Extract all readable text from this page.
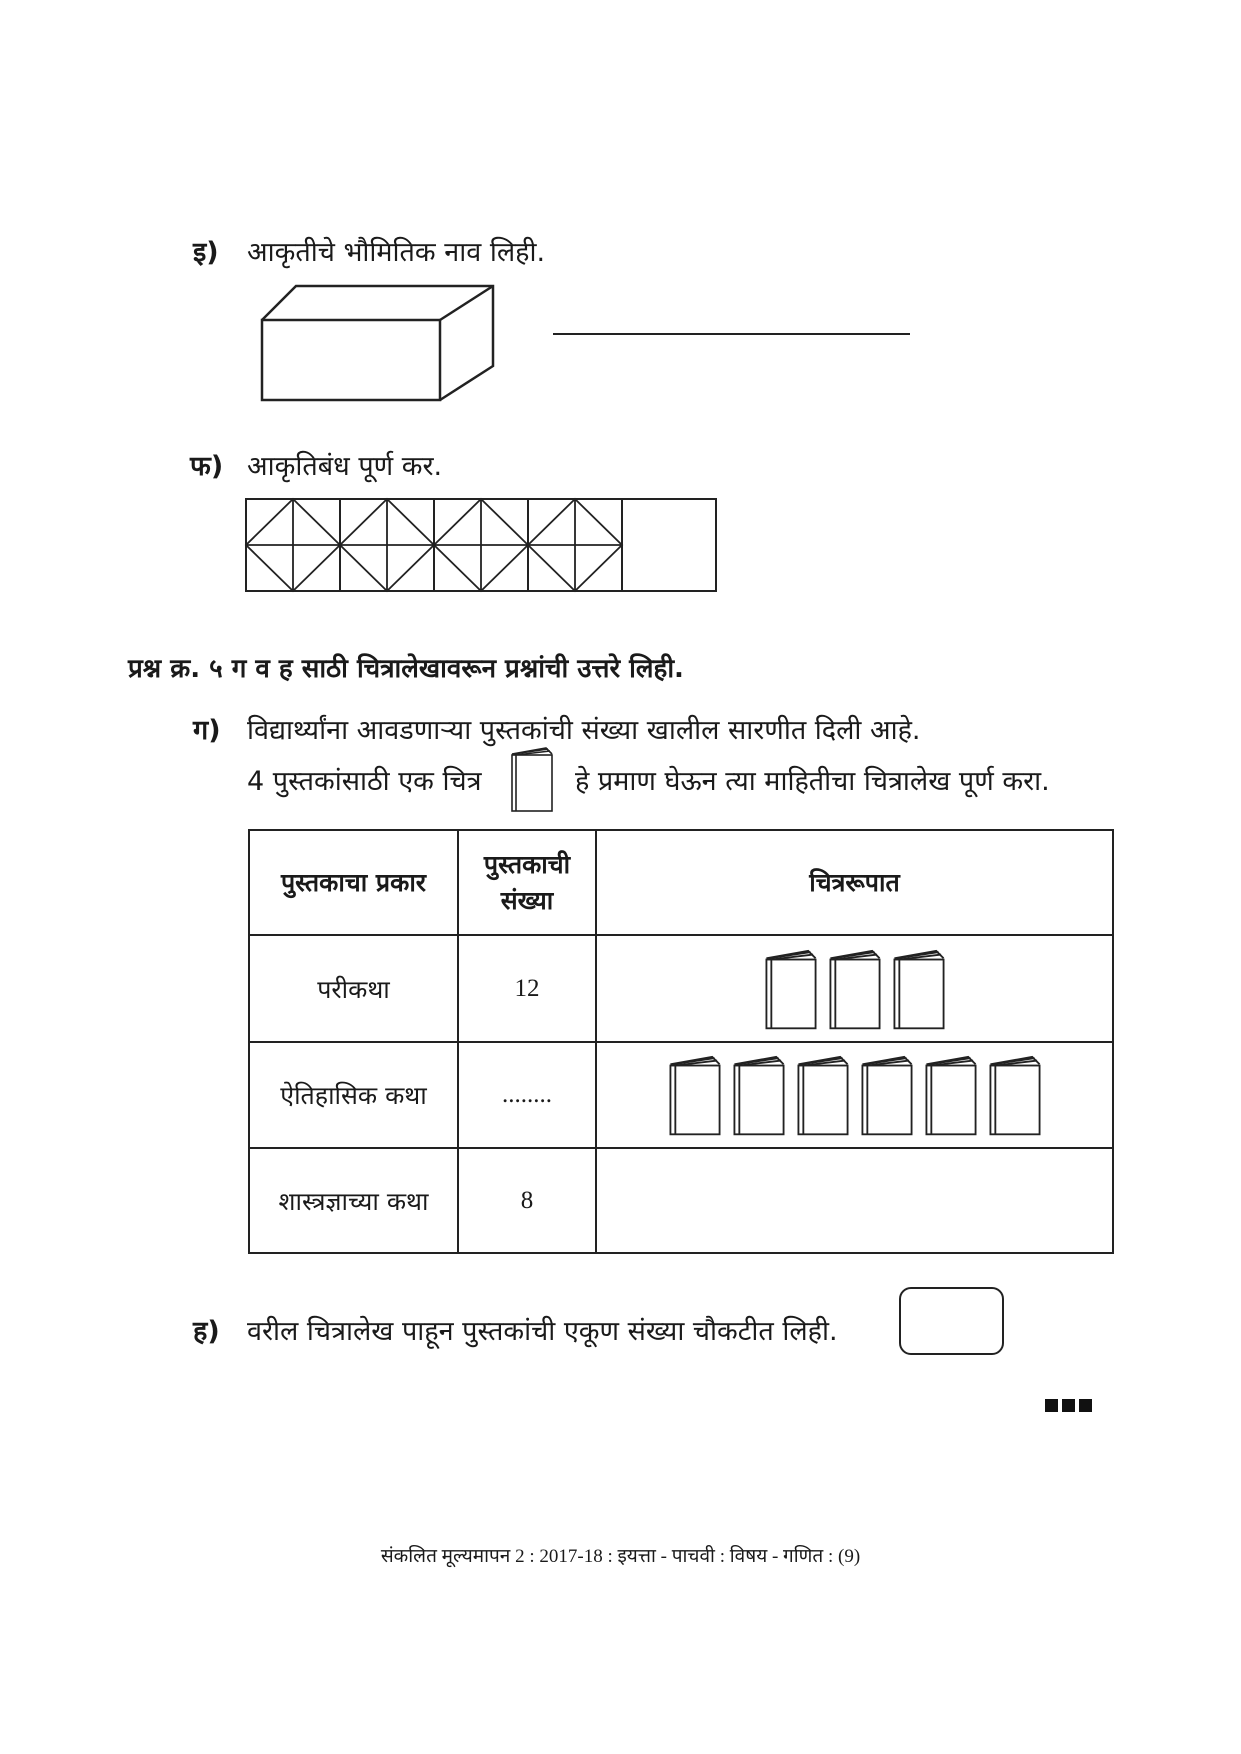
इ) आकृतीचे भौमितिक नाव लिही.
फ) आकृतिबंध पूर्ण कर.
प्रश्न क्र. ५ ग व ह साठी चित्रालेखावरून प्रश्नांची उत्तरे लिही.
ग) विद्यार्थ्यांना आवडणाऱ्या पुस्तकांची संख्या खालील सारणीत दिली आहे.
4 पुस्तकांसाठी एक चित्र	हे प्रमाण घेऊन त्या माहितीचा चित्रालेख पूर्ण करा.
पुस्तकाचा प्रकार	पुस्तकाची संख्या	चित्ररूपात
परीकथा	12	

ऐतिहासिक कथा	........	

शास्त्रज्ञाच्या कथा	8	
ह) वरील चित्रालेख पाहून पुस्तकांची एकूण संख्या चौकटीत लिही.
संकलित मूल्यमापन 2 : 2017-18 : इयत्ता - पाचवी : विषय - गणित : (9)
